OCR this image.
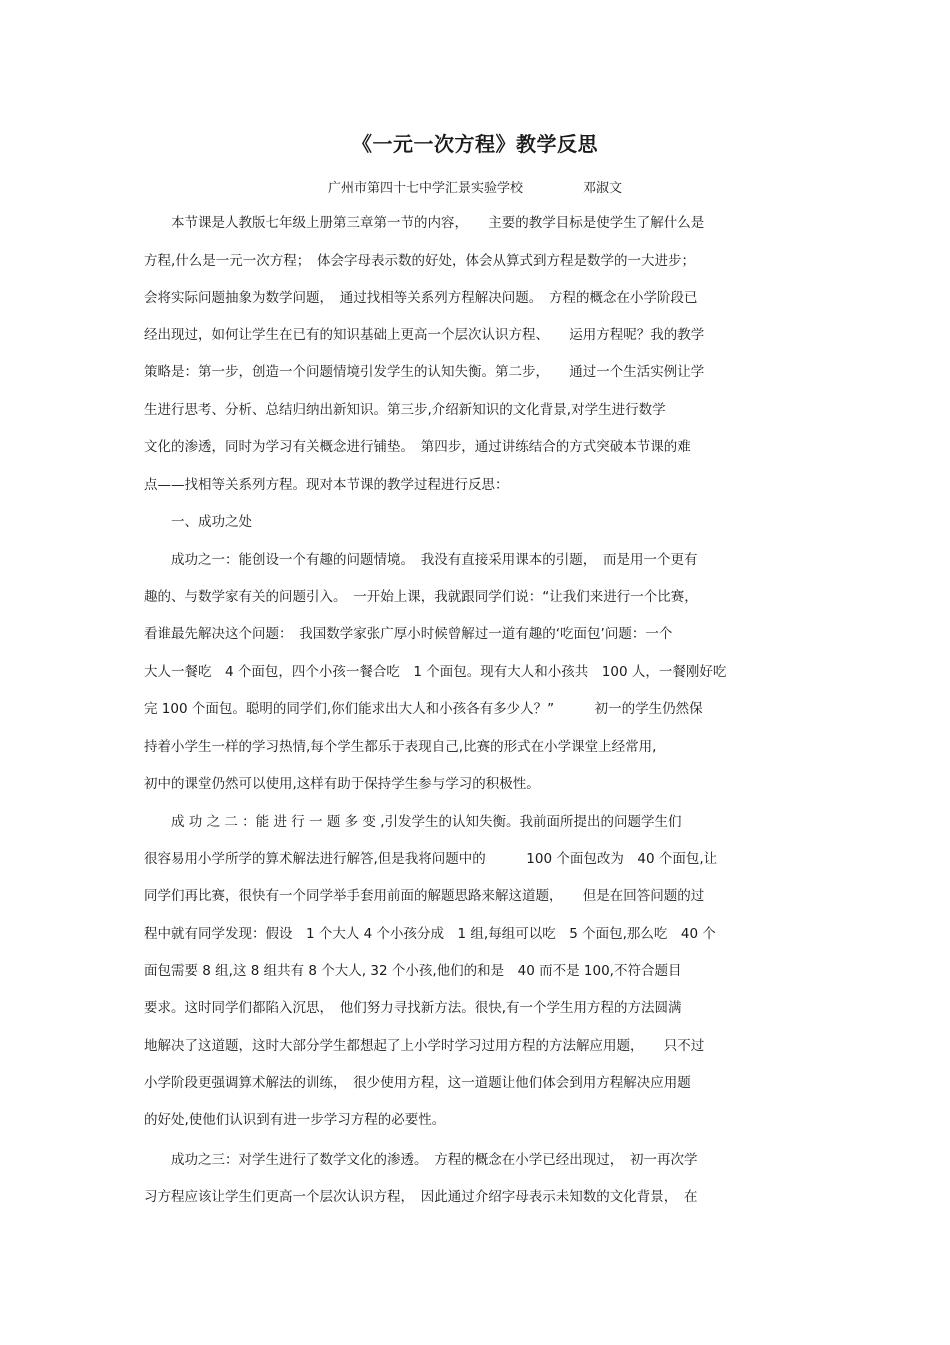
《一元一次方程》教学反思
广州市第四十七中学汇景实验学校	邓淑文
　　本节课是人教版七年级上册第三章第一节的内容，　　主要的教学目标是使学生了解什么是
方程,什么是一元一次方程；　体会字母表示数的好处，体会从算式到方程是数学的一大进步；
会将实际问题抽象为数学问题，　通过找相等关系列方程解决问题。　方程的概念在小学阶段已
经出现过，如何让学生在已有的知识基础上更高一个层次认识方程、　　运用方程呢？我的教学
策略是：第一步，创造一个问题情境引发学生的认知失衡。第二步，　　通过一个生活实例让学
生进行思考、分析、总结归纳出新知识。第三步,介绍新知识的文化背景,对学生进行数学
文化的渗透，同时为学习有关概念进行铺垫。　第四步，通过讲练结合的方式突破本节课的难
点——找相等关系列方程。现对本节课的教学过程进行反思：
　　一、成功之处
　　成功之一：能创设一个有趣的问题情境。　我没有直接采用课本的引题，　而是用一个更有
趣的、与数学家有关的问题引入。　一开始上课，我就跟同学们说：“让我们来进行一个比赛，
看谁最先解决这个问题：　我国数学家张广厚小时候曾解过一道有趣的‘吃面包’问题：一个
大人一餐吃　4 个面包，四个小孩一餐合吃　1 个面包。现有大人和小孩共　100 人，一餐刚好吃
完 100 个面包。聪明的同学们,你们能求出大人和小孩各有多少人？”　　　初一的学生仍然保
持着小学生一样的学习热情,每个学生都乐于表现自己,比赛的形式在小学课堂上经常用,
初中的课堂仍然可以使用,这样有助于保持学生参与学习的积极性。
　　成 功 之 二 ：能 进 行 一 题 多 变 ,引发学生的认知失衡。我前面所提出的问题学生们
很容易用小学所学的算术解法进行解答,但是我将问题中的　　　100 个面包改为　40 个面包,让
同学们再比赛，很快有一个同学举手套用前面的解题思路来解这道题，　　但是在回答问题的过
程中就有同学发现：假设　1 个大人 4 个小孩分成　1 组,每组可以吃　5 个面包,那么吃　40 个
面包需要 8 组,这 8 组共有 8 个大人, 32 个小孩,他们的和是　40 而不是 100,不符合题目
要求。这时同学们都陷入沉思，　他们努力寻找新方法。很快,有一个学生用方程的方法圆满
地解决了这道题，这时大部分学生都想起了上小学时学习过用方程的方法解应用题，　　只不过
小学阶段更强调算术解法的训练，　很少使用方程，这一道题让他们体会到用方程解决应用题
的好处,使他们认识到有进一步学习方程的必要性。
　　成功之三：对学生进行了数学文化的渗透。　方程的概念在小学已经出现过，　初一再次学
习方程应该让学生们更高一个层次认识方程，　因此通过介绍字母表示未知数的文化背景，　在
